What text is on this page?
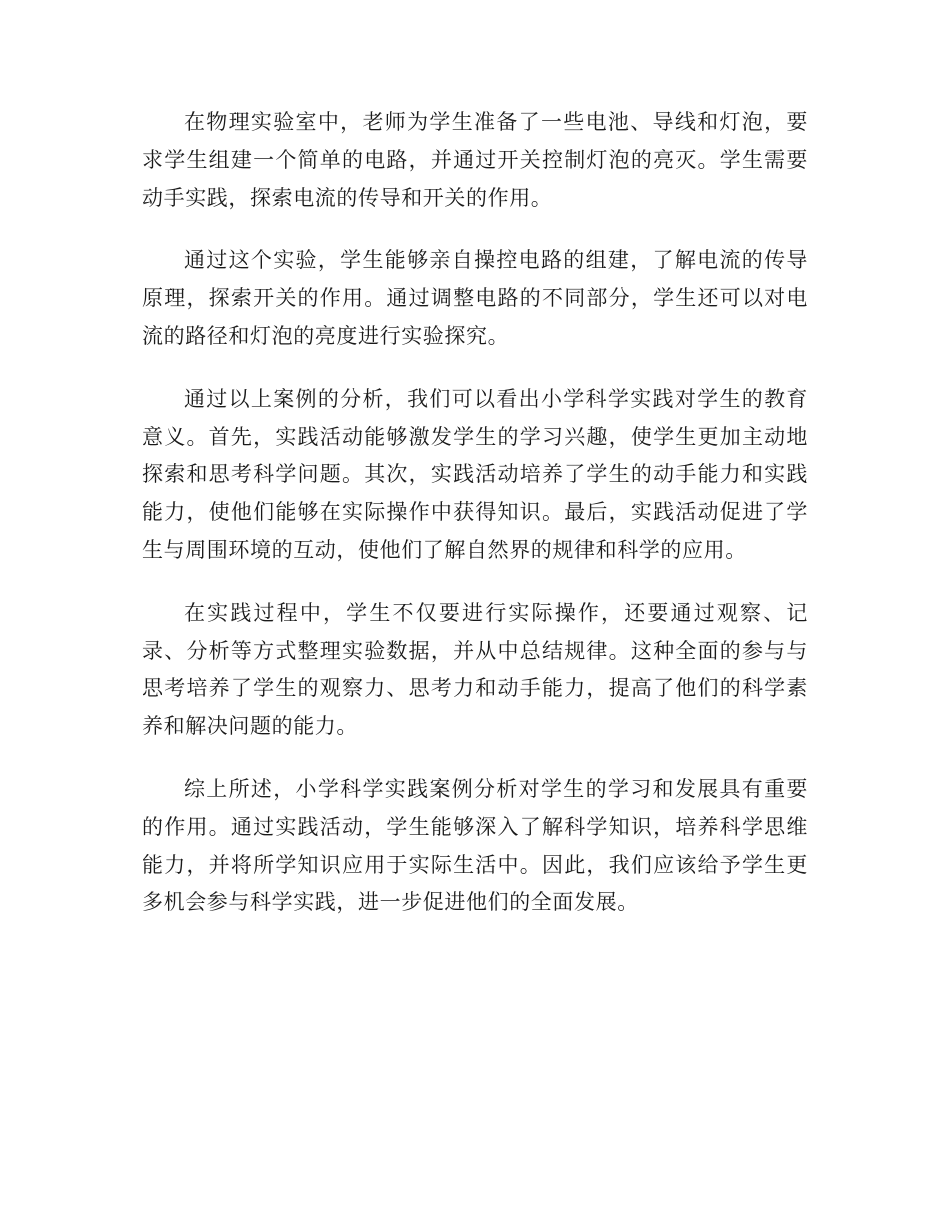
在物理实验室中，老师为学生准备了一些电池、导线和灯泡，要求学生组建一个简单的电路，并通过开关控制灯泡的亮灭。学生需要动手实践，探索电流的传导和开关的作用。

通过这个实验，学生能够亲自操控电路的组建，了解电流的传导原理，探索开关的作用。通过调整电路的不同部分，学生还可以对电流的路径和灯泡的亮度进行实验探究。

通过以上案例的分析，我们可以看出小学科学实践对学生的教育意义。首先，实践活动能够激发学生的学习兴趣，使学生更加主动地探索和思考科学问题。其次，实践活动培养了学生的动手能力和实践能力，使他们能够在实际操作中获得知识。最后，实践活动促进了学生与周围环境的互动，使他们了解自然界的规律和科学的应用。

在实践过程中，学生不仅要进行实际操作，还要通过观察、记录、分析等方式整理实验数据，并从中总结规律。这种全面的参与与思考培养了学生的观察力、思考力和动手能力，提高了他们的科学素养和解决问题的能力。

综上所述，小学科学实践案例分析对学生的学习和发展具有重要的作用。通过实践活动，学生能够深入了解科学知识，培养科学思维能力，并将所学知识应用于实际生活中。因此，我们应该给予学生更多机会参与科学实践，进一步促进他们的全面发展。
